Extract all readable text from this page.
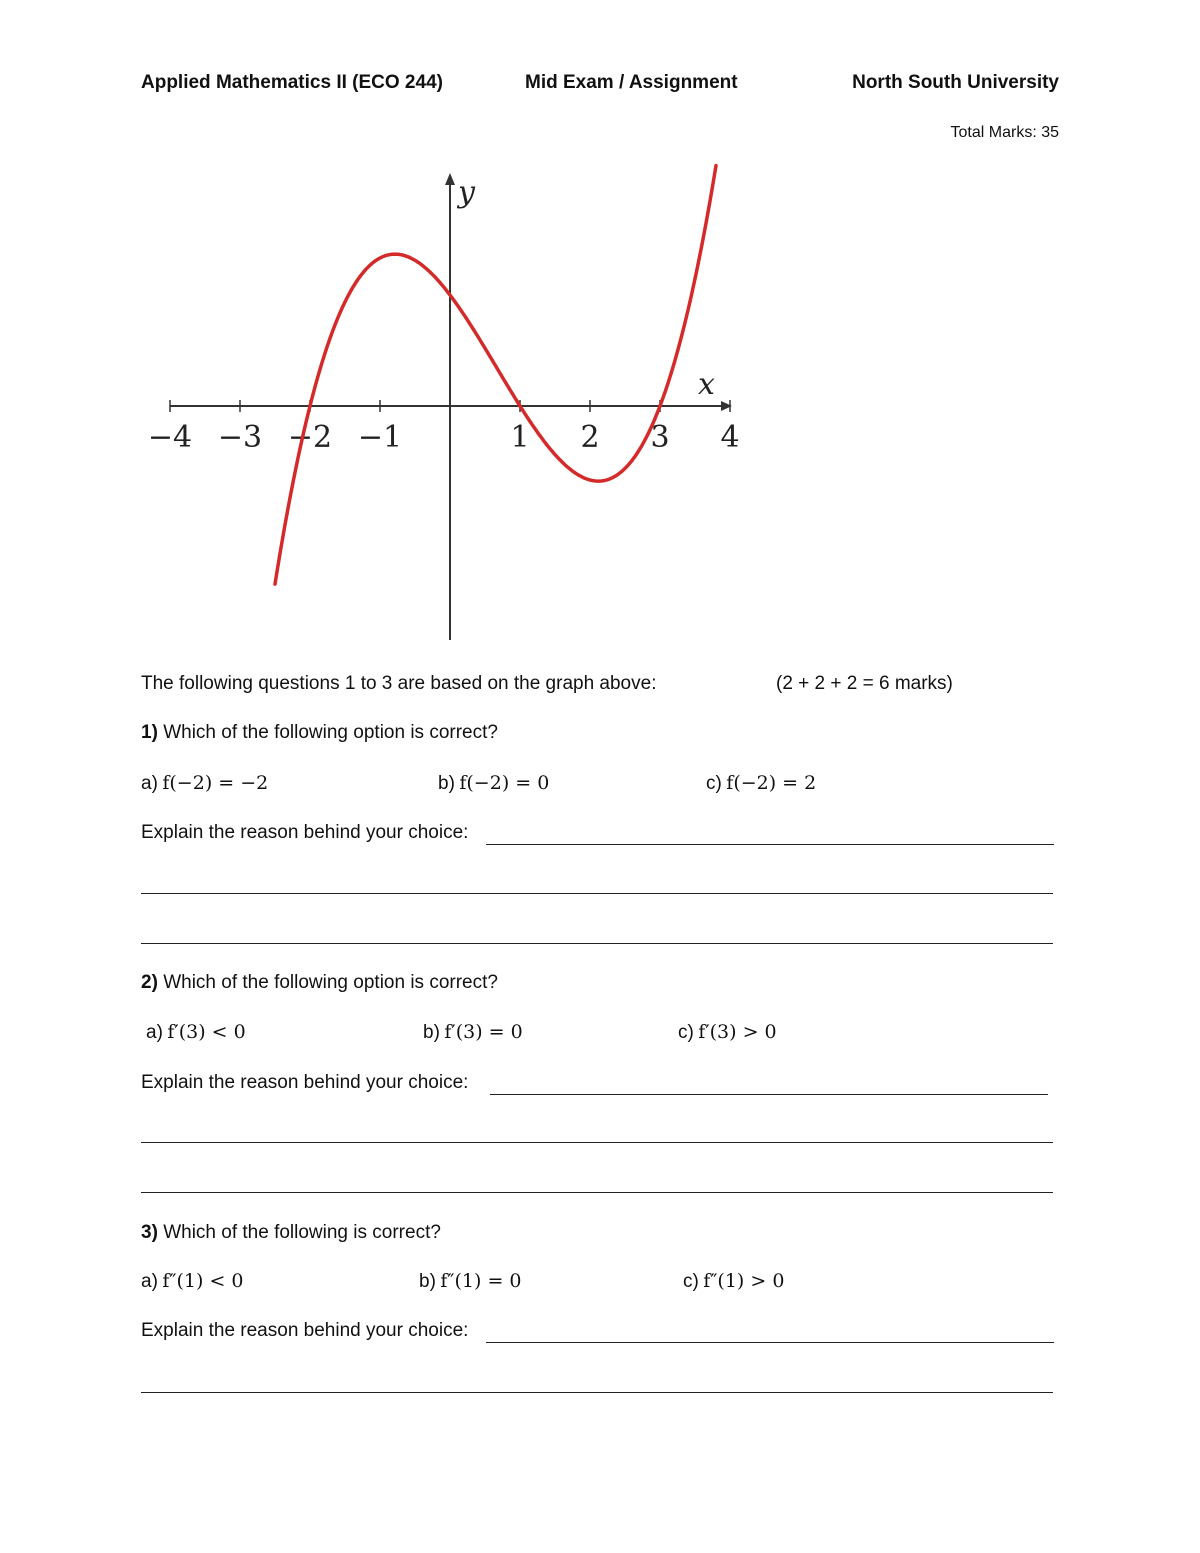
Applied Mathematics II (ECO 244)	Mid Exam / Assignment	North South University
Total Marks: 35
−4 −3 −2 −1	1 2 3 4
y
x
The following questions 1 to 3 are based on the graph above:	(2 + 2 + 2 = 6 marks)
1) Which of the following option is correct?
a) f(−2) = −2	b) f(−2) = 0	c) f(−2) = 2
Explain the reason behind your choice:
2) Which of the following option is correct?
a) f′(3) < 0	b) f′(3) = 0	c) f′(3) > 0
Explain the reason behind your choice:
3) Which of the following is correct?
a) f″(1) < 0	b) f″(1) = 0	c) f″(1) > 0
Explain the reason behind your choice:
